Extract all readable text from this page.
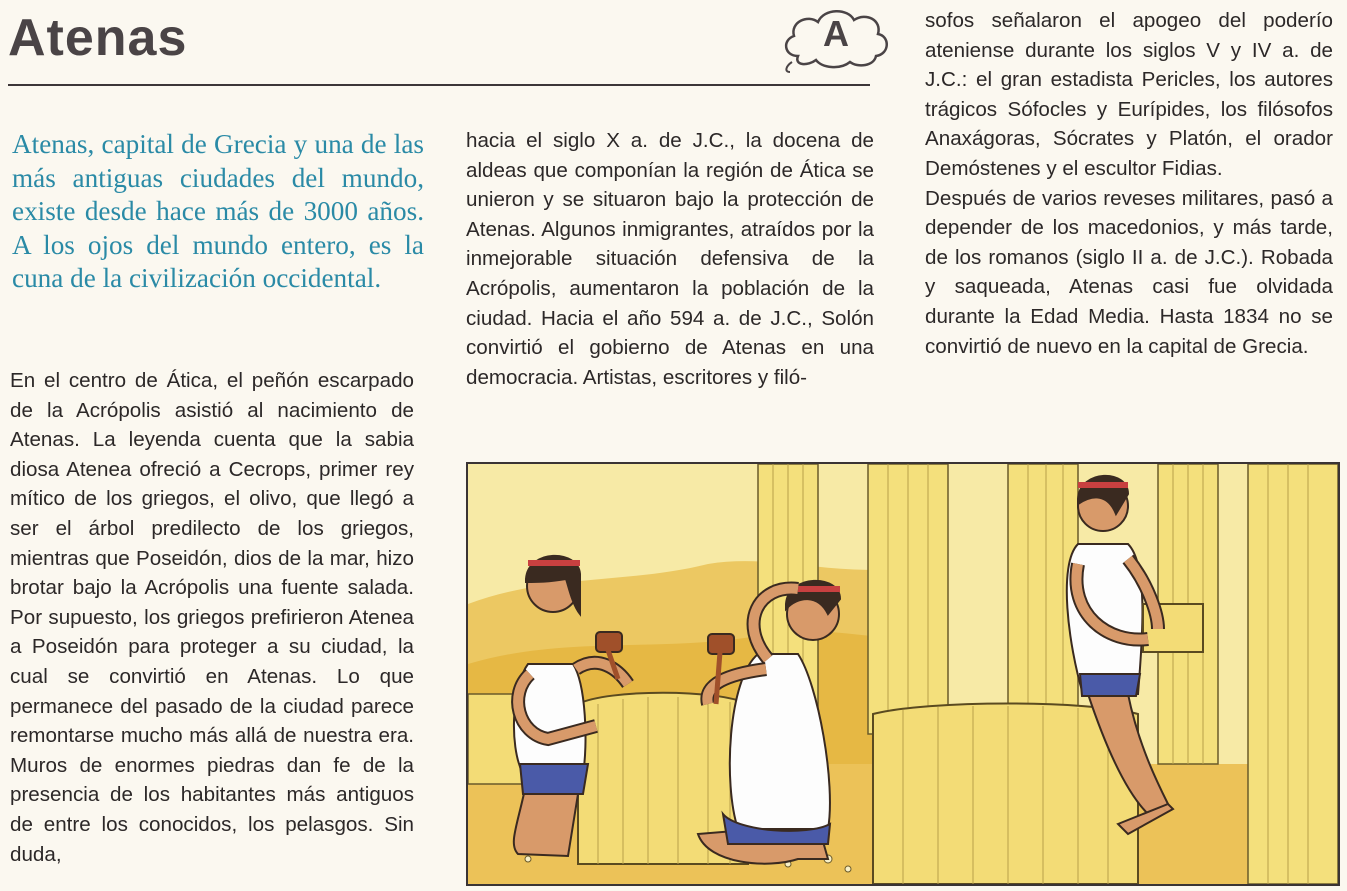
Atenas	A

Atenas, capital de Grecia y una de las más antiguas ciudades del mundo, existe desde hace más de 3000 años. A los ojos del mundo entero, es la cuna de la civilización occidental.

En el centro de Ática, el peñón escarpado de la Acrópolis asistió al nacimiento de Atenas. La leyenda cuenta que la sabia diosa Atenea ofreció a Cecrops, primer rey mítico de los griegos, el olivo, que llegó a ser el árbol predilecto de los griegos, mientras que Poseidón, dios de la mar, hizo brotar bajo la Acrópolis una fuente salada. Por supuesto, los griegos prefirieron Atenea a Poseidón para proteger a su ciudad, la cual se convirtió en Atenas. Lo que permanece del pasado de la ciudad parece remontarse mucho más allá de nuestra era. Muros de enormes piedras dan fe de la presencia de los habitantes más antiguos de entre los conocidos, los pelasgos. Sin duda,

hacia el siglo X a. de J.C., la docena de aldeas que componían la región de Ática se unieron y se situaron bajo la protección de Atenas. Algunos inmigrantes, atraídos por la inmejorable situación defensiva de la Acrópolis, aumentaron la población de la ciudad. Hacia el año 594 a. de J.C., Solón convirtió el gobierno de Atenas en una democracia. Artistas, escritores y filó-

sofos señalaron el apogeo del poderío ateniense durante los siglos V y IV a. de J.C.: el gran estadista Pericles, los autores trágicos Sófocles y Eurípides, los filósofos Anaxágoras, Sócrates y Platón, el orador Demóstenes y el escultor Fidias.

Después de varios reveses militares, pasó a depender de los macedonios, y más tarde, de los romanos (siglo II a. de J.C.). Robada y saqueada, Atenas casi fue olvidada durante la Edad Media. Hasta 1834 no se convirtió de nuevo en la capital de Grecia.
